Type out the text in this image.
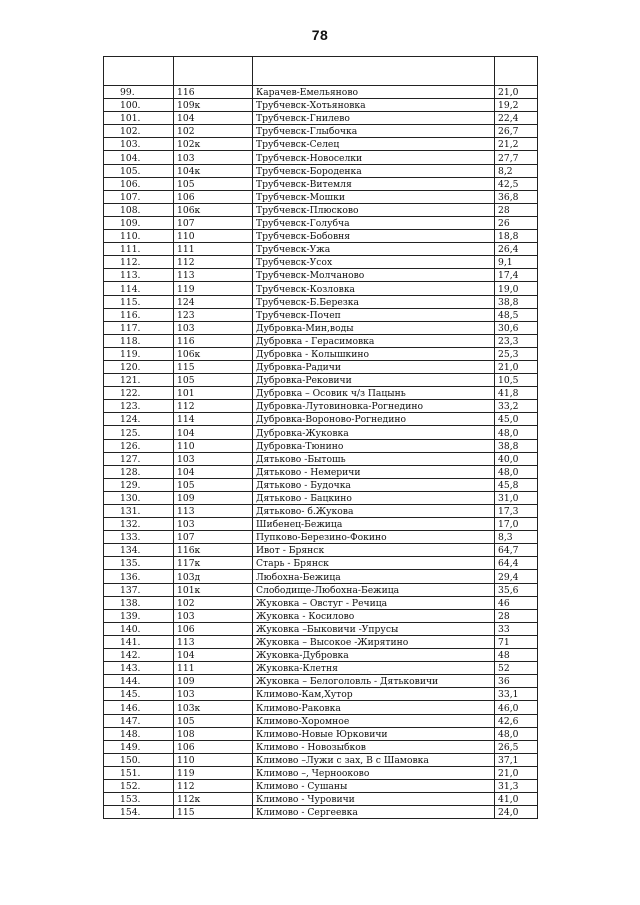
78

99.	116	Карачев-Емельяново	21,0
100.	109к	Трубчевск-Хотьяновка	19,2
101.	104	Трубчевск-Гнилево	22,4
102.	102	Трубчевск-Глыбочка	26,7
103.	102к	Трубчевск-Селец	21,2
104.	103	Трубчевск-Новоселки	27,7
105.	104к	Трубчевск-Бороденка	8,2
106.	105	Трубчевск-Витемля	42,5
107.	106	Трубчевск-Мошки	36,8
108.	106к	Трубчевск-Плюсково	28
109.	107	Трубчевск-Голубча	26
110.	110	Трубчевск-Бобовня	18,8
111.	111	Трубчевск-Ужа	26,4
112.	112	Трубчевск-Усох	9,1
113.	113	Трубчевск-Молчаново	17,4
114.	119	Трубчевск-Козловка	19,0
115.	124	Трубчевск-Б.Березка	38,8
116.	123	Трубчевск-Почеп	48,5
117.	103	Дубровка-Мин,воды	30,6
118.	116	Дубровка - Герасимовка	23,3
119.	106к	Дубровка - Колышкино	25,3
120.	115	Дубровка-Радичи	21,0
121.	105	Дубровка-Рековичи	10,5
122.	101	Дубровка – Осовик ч/з Пацынь	41,8
123.	112	Дубровка-Лутовиновка-Рогнедино	33,2
124.	114	Дубровка-Вороново-Рогнедино	45,0
125.	104	Дубровка-Жуковка	48,0
126.	110	Дубровка-Тюнино	38,8
127.	103	Дятьково -Бытошь	40,0
128.	104	Дятьково - Немеричи	48,0
129.	105	Дятьково - Будочка	45,8
130.	109	Дятьково - Бацкино	31,0
131.	113	Дятьково- б.Жукова	17,3
132.	103	Шибенец-Бежица	17,0
133.	107	Пупково-Березино-Фокино	8,3
134.	116к	Ивот - Брянск	64,7
135.	117к	Старь - Брянск	64,4
136.	103д	Любохна-Бежица	29,4
137.	101к	Слободище-Любохна-Бежица	35,6
138.	102	Жуковка – Овстуг - Речица	46
139.	103	Жуковка - Косилово	28
140.	106	Жуковка –Быковичи -Упрусы	33
141.	113	Жуковка – Высокое -Жирятино	71
142.	104	Жуковка-Дубровка	48
143.	111	Жуковка-Клетня	52
144.	109	Жуковка – Белоголовль - Дятьковичи	36
145.	103	Климово-Кам,Хутор	33,1
146.	103к	Климово-Раковка	46,0
147.	105	Климово-Хоромное	42,6
148.	108	Климово-Новые Юрковичи	48,0
149.	106	Климово - Новозыбков	26,5
150.	110	Климово –Лужи с зах, В с Шамовка	37,1
151.	119	Климово –, Чернооково	21,0
152.	112	Климово - Сушаны	31,3
153.	112к	Климово - Чуровичи	41,0
154.	115	Климово - Сергеевка	24,0
